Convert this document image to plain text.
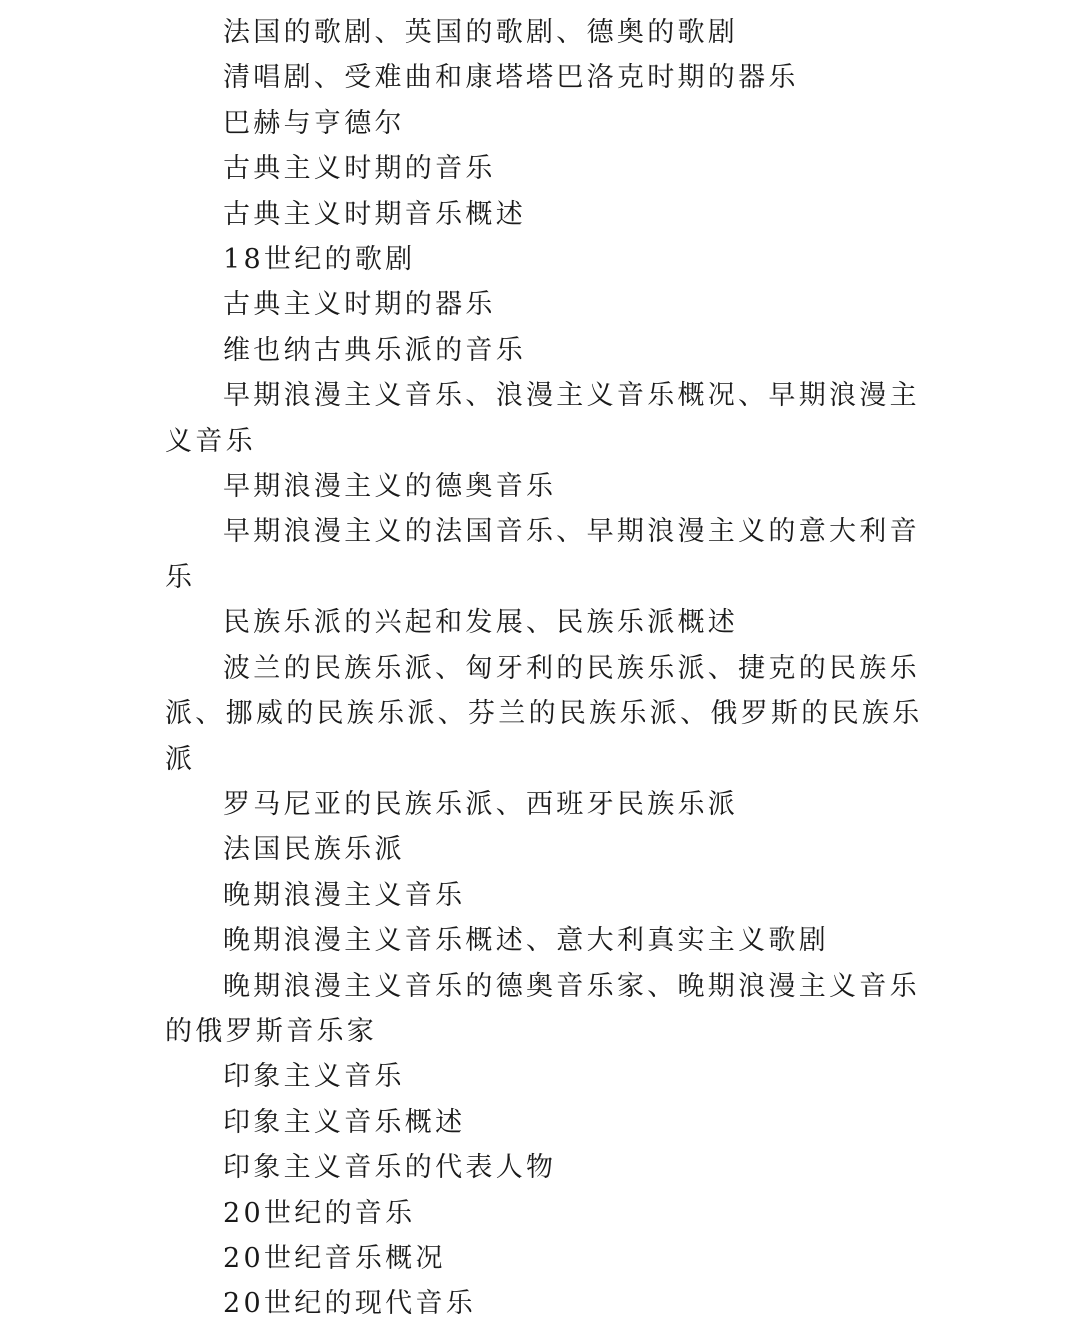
法国的歌剧、英国的歌剧、德奥的歌剧

清唱剧、受难曲和康塔塔巴洛克时期的器乐

巴赫与亨德尔

古典主义时期的音乐

古典主义时期音乐概述

18世纪的歌剧

古典主义时期的器乐

维也纳古典乐派的音乐

早期浪漫主义音乐、浪漫主义音乐概况、早期浪漫主义音乐

早期浪漫主义的德奥音乐

早期浪漫主义的法国音乐、早期浪漫主义的意大利音乐

民族乐派的兴起和发展、民族乐派概述

波兰的民族乐派、匈牙利的民族乐派、捷克的民族乐派、挪威的民族乐派、芬兰的民族乐派、俄罗斯的民族乐派

罗马尼亚的民族乐派、西班牙民族乐派

法国民族乐派

晚期浪漫主义音乐

晚期浪漫主义音乐概述、意大利真实主义歌剧

晚期浪漫主义音乐的德奥音乐家、晚期浪漫主义音乐的俄罗斯音乐家

印象主义音乐

印象主义音乐概述

印象主义音乐的代表人物

20世纪的音乐

20世纪音乐概况

20世纪的现代音乐
